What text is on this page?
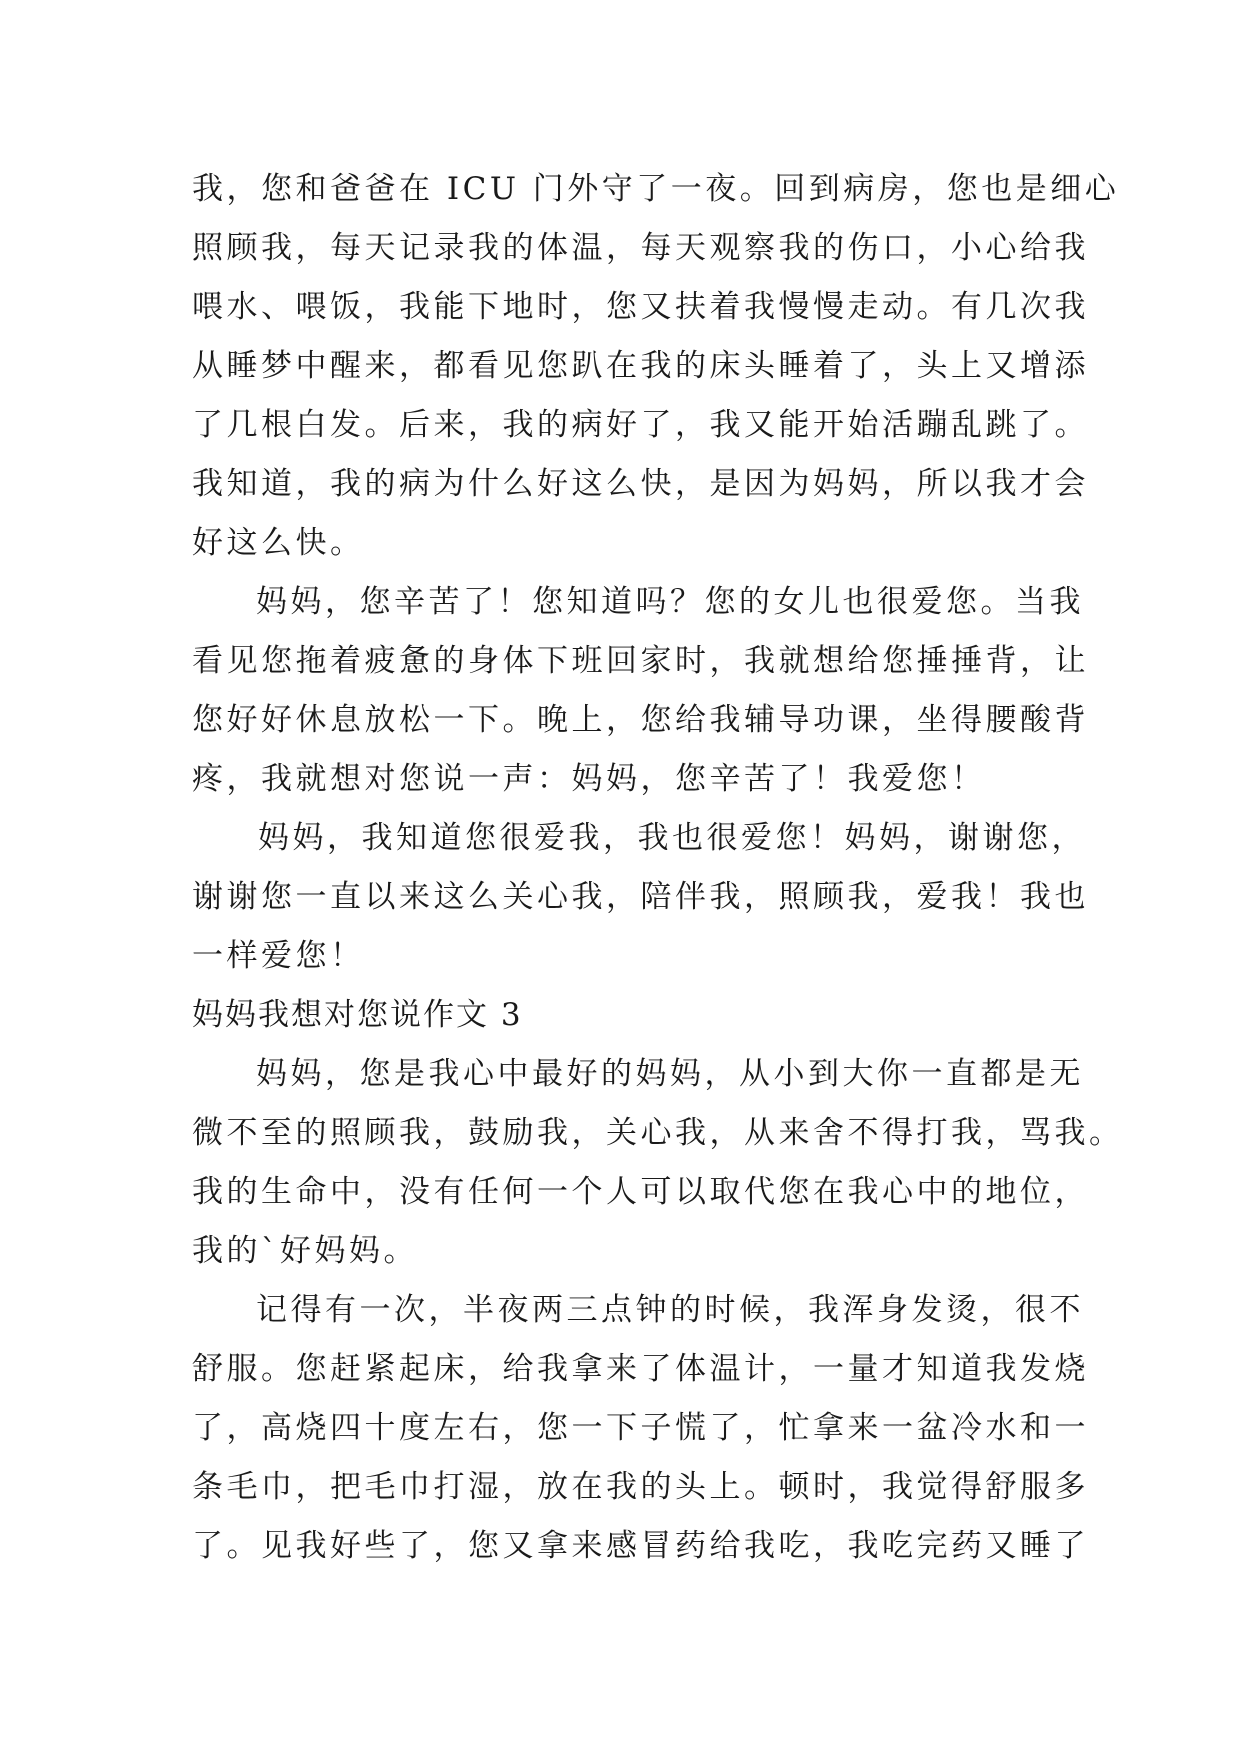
我，您和爸爸在 ICU 门外守了一夜。回到病房，您也是细心

照顾我，每天记录我的体温，每天观察我的伤口，小心给我

喂水、喂饭，我能下地时，您又扶着我慢慢走动。有几次我

从睡梦中醒来，都看见您趴在我的床头睡着了，头上又增添

了几根白发。后来，我的病好了，我又能开始活蹦乱跳了。

我知道，我的病为什么好这么快，是因为妈妈，所以我才会

好这么快。

妈妈，您辛苦了！您知道吗？您的女儿也很爱您。当我

看见您拖着疲惫的身体下班回家时，我就想给您捶捶背，让

您好好休息放松一下。晚上，您给我辅导功课，坐得腰酸背

疼，我就想对您说一声：妈妈，您辛苦了！我爱您！

妈妈，我知道您很爱我，我也很爱您！妈妈，谢谢您，

谢谢您一直以来这么关心我，陪伴我，照顾我，爱我！我也

一样爱您！

妈妈我想对您说作文 3

妈妈，您是我心中最好的妈妈，从小到大你一直都是无

微不至的照顾我，鼓励我，关心我，从来舍不得打我，骂我。

我的生命中，没有任何一个人可以取代您在我心中的地位，

我的`好妈妈。

记得有一次，半夜两三点钟的时候，我浑身发烫，很不

舒服。您赶紧起床，给我拿来了体温计，一量才知道我发烧

了，高烧四十度左右，您一下子慌了，忙拿来一盆冷水和一

条毛巾，把毛巾打湿，放在我的头上。顿时，我觉得舒服多

了。见我好些了，您又拿来感冒药给我吃，我吃完药又睡了
